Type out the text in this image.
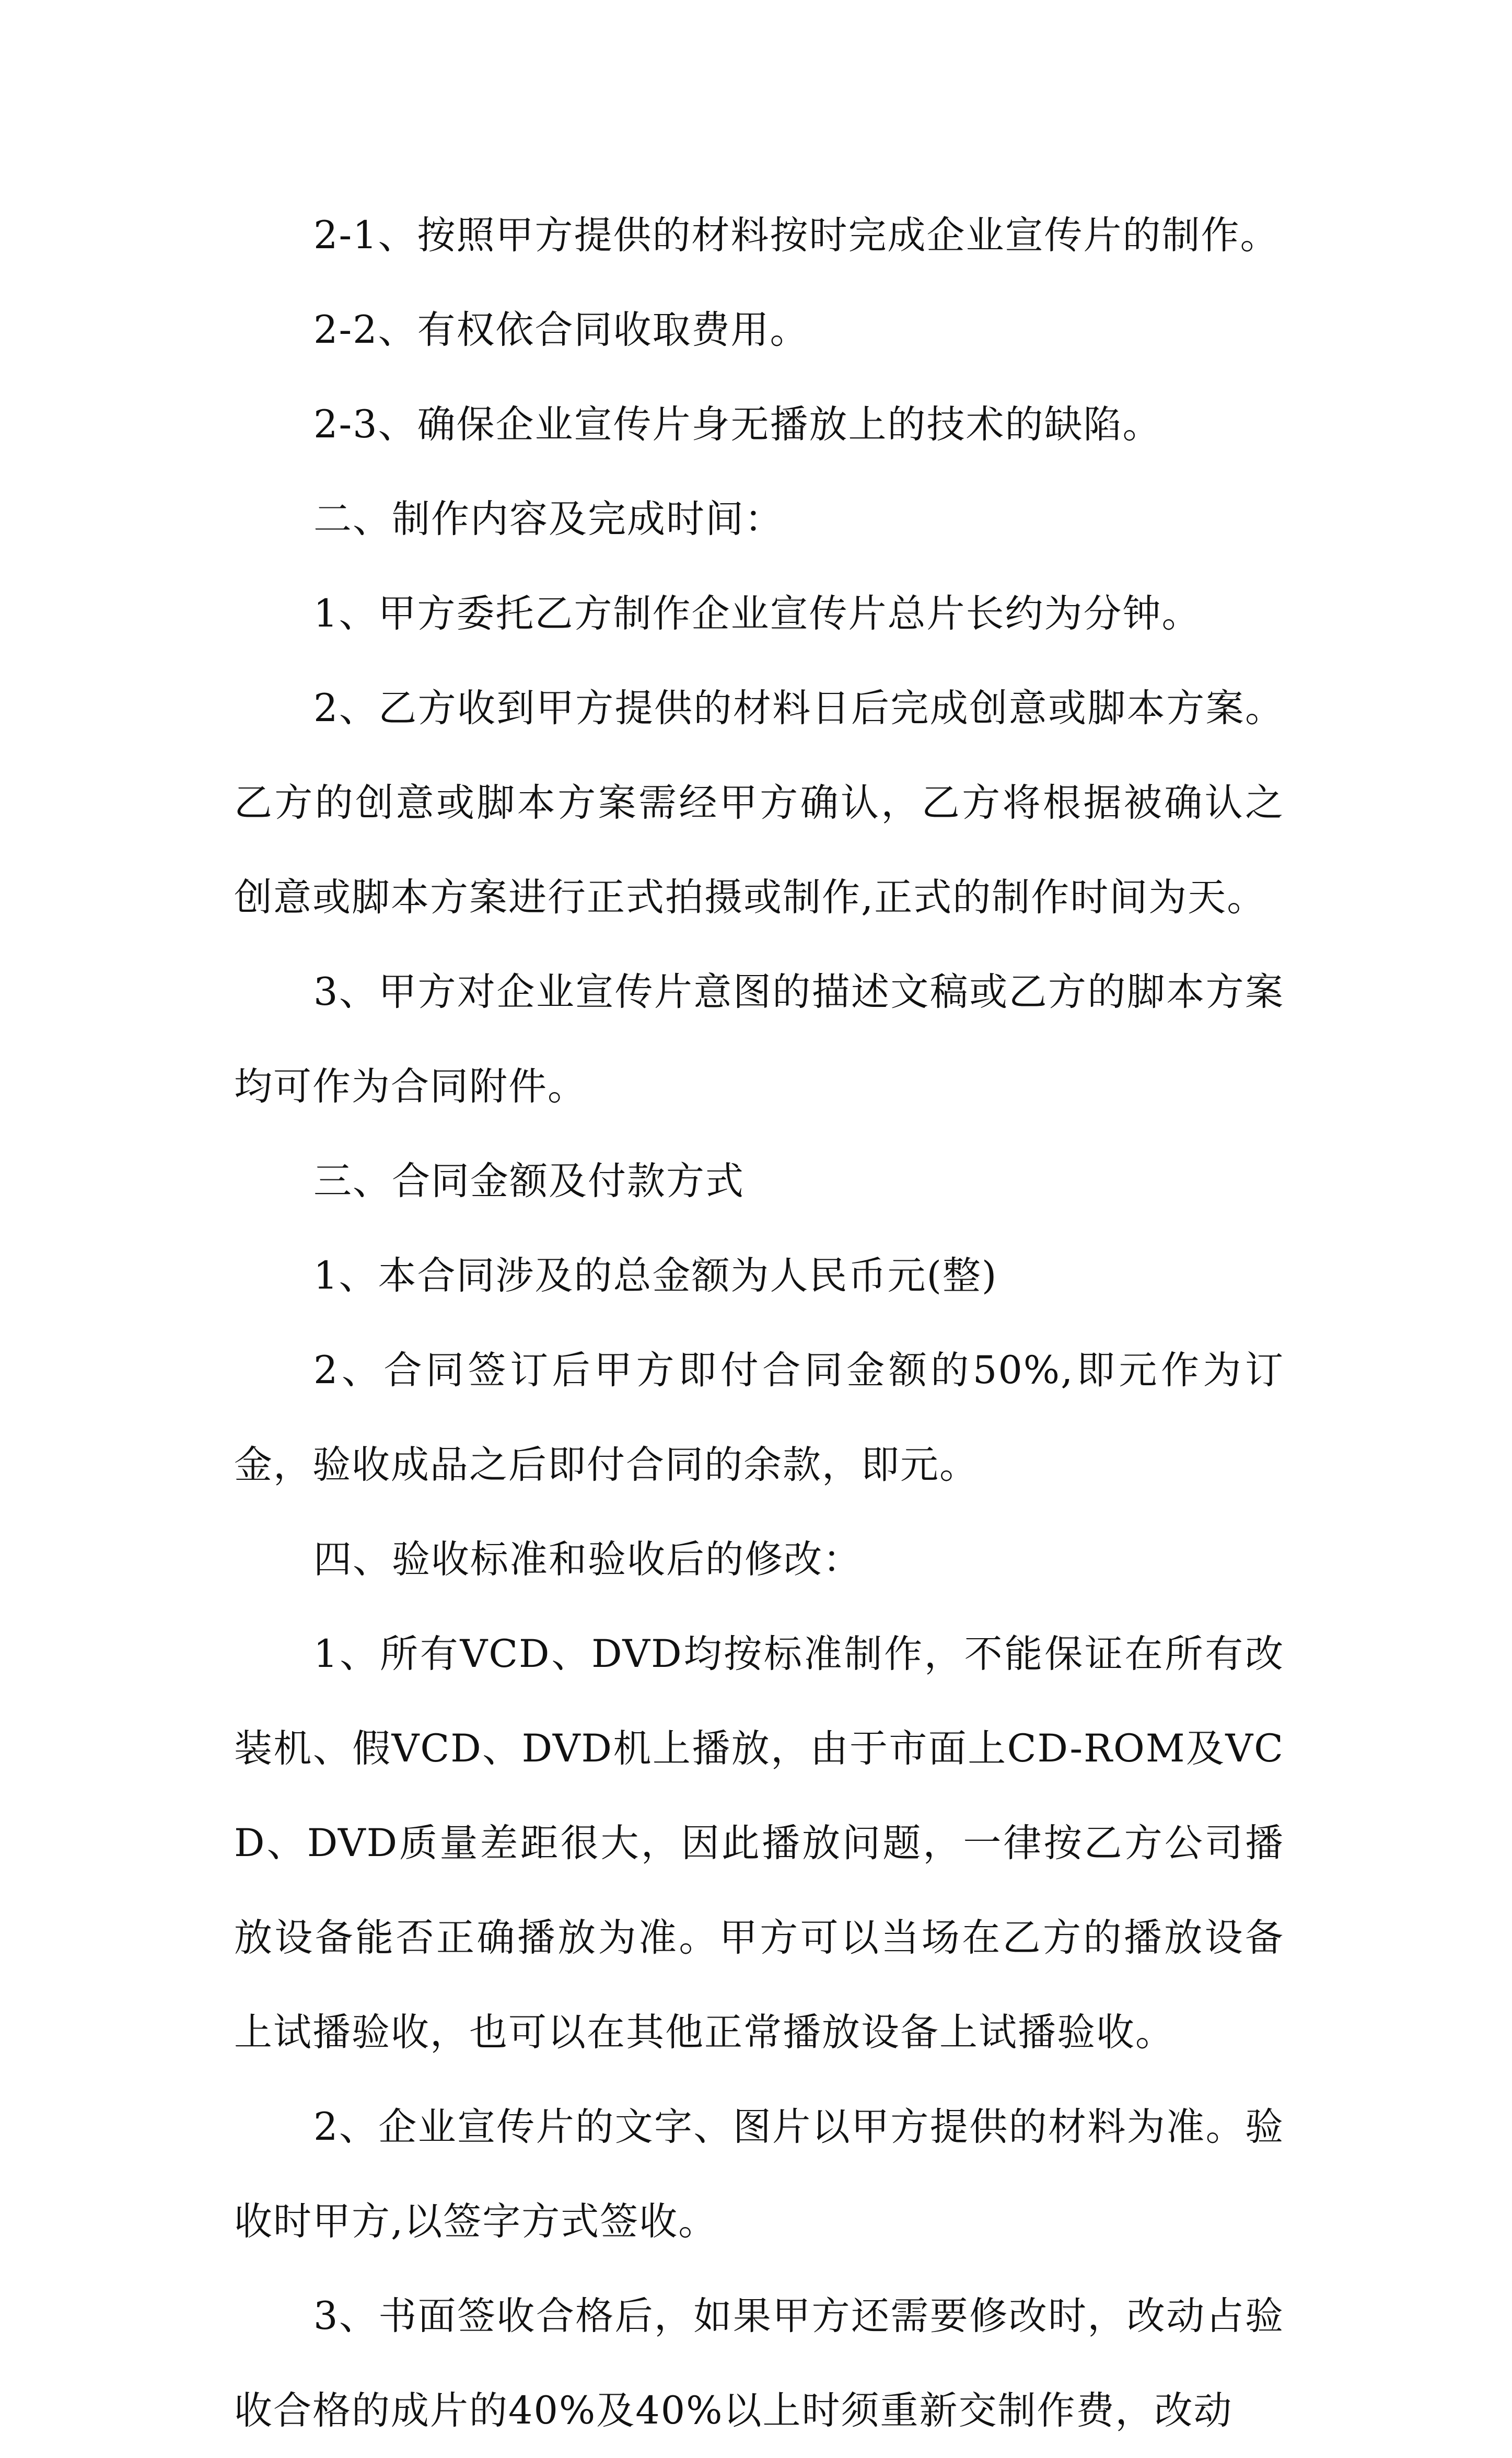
2-1、按照甲方提供的材料按时完成企业宣传片的制作。

2-2、有权依合同收取费用。

2-3、确保企业宣传片身无播放上的技术的缺陷。

二、制作内容及完成时间：

1、甲方委托乙方制作企业宣传片总片长约为分钟。

2、乙方收到甲方提供的材料日后完成创意或脚本方案。乙方的创意或脚本方案需经甲方确认，乙方将根据被确认之创意或脚本方案进行正式拍摄或制作,正式的制作时间为天。

3、甲方对企业宣传片意图的描述文稿或乙方的脚本方案均可作为合同附件。

三、合同金额及付款方式

1、本合同涉及的总金额为人民币元(整)

2、合同签订后甲方即付合同金额的50%,即元作为订金，验收成品之后即付合同的余款，即元。

四、验收标准和验收后的修改：

1、所有VCD、DVD均按标准制作，不能保证在所有改装机、假VCD、DVD机上播放，由于市面上CD-ROM及VCD、DVD质量差距很大，因此播放问题，一律按乙方公司播放设备能否正确播放为准。甲方可以当场在乙方的播放设备上试播验收，也可以在其他正常播放设备上试播验收。

2、企业宣传片的文字、图片以甲方提供的材料为准。验收时甲方,以签字方式签收。

3、书面签收合格后，如果甲方还需要修改时，改动占验收合格的成片的40%及40%以上时须重新交制作费，改动
